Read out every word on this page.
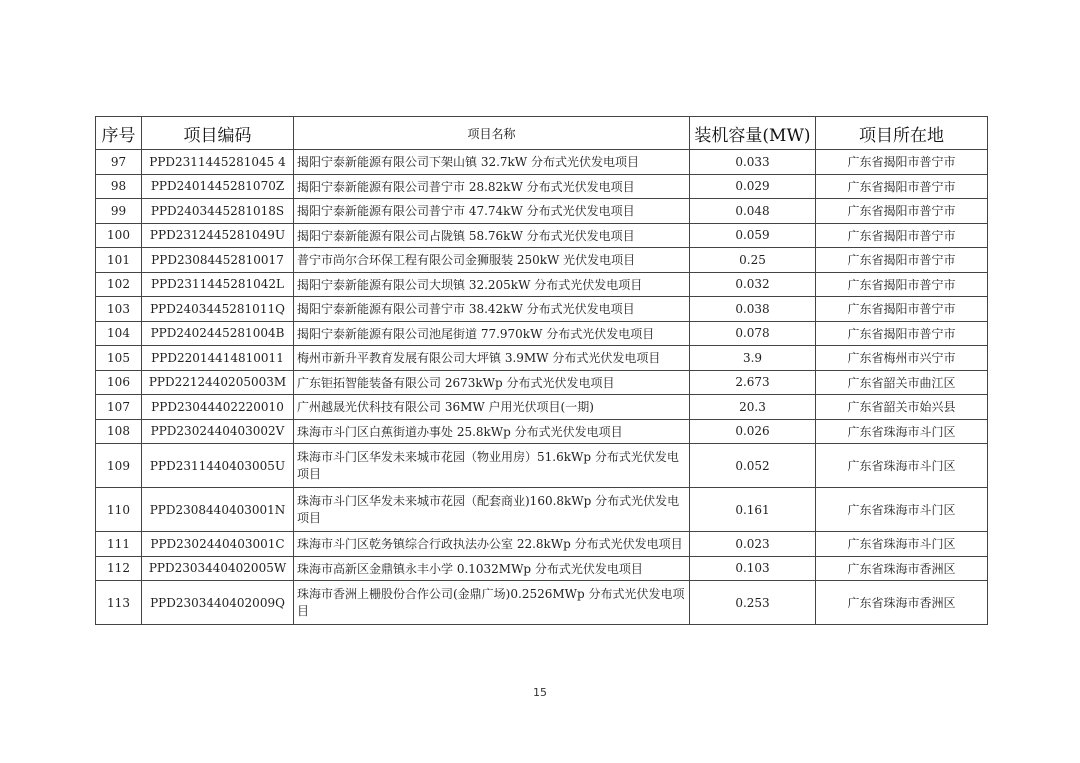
序号	项目编码	项目名称	装机容量(MW)	项目所在地
97	PPD2311445281045 4	揭阳宁泰新能源有限公司下架山镇 32.7kW 分布式光伏发电项目	0.033	广东省揭阳市普宁市
98	PPD2401445281070Z	揭阳宁泰新能源有限公司普宁市 28.82kW 分布式光伏发电项目	0.029	广东省揭阳市普宁市
99	PPD2403445281018S	揭阳宁泰新能源有限公司普宁市 47.74kW 分布式光伏发电项目	0.048	广东省揭阳市普宁市
100	PPD2312445281049U	揭阳宁泰新能源有限公司占陇镇 58.76kW 分布式光伏发电项目	0.059	广东省揭阳市普宁市
101	PPD23084452810017	普宁市尚尔合环保工程有限公司金狮服装 250kW 光伏发电项目	0.25	广东省揭阳市普宁市
102	PPD2311445281042L	揭阳宁泰新能源有限公司大坝镇 32.205kW 分布式光伏发电项目	0.032	广东省揭阳市普宁市
103	PPD2403445281011Q	揭阳宁泰新能源有限公司普宁市 38.42kW 分布式光伏发电项目	0.038	广东省揭阳市普宁市
104	PPD2402445281004B	揭阳宁泰新能源有限公司池尾街道 77.970kW 分布式光伏发电项目	0.078	广东省揭阳市普宁市
105	PPD22014414810011	梅州市新升平教育发展有限公司大坪镇 3.9MW 分布式光伏发电项目	3.9	广东省梅州市兴宁市
106	PPD2212440205003M	广东钜拓智能装备有限公司 2673kWp 分布式光伏发电项目	2.673	广东省韶关市曲江区
107	PPD23044402220010	广州越晟光伏科技有限公司 36MW 户用光伏项目(一期)	20.3	广东省韶关市始兴县
108	PPD2302440403002V	珠海市斗门区白蕉街道办事处 25.8kWp 分布式光伏发电项目	0.026	广东省珠海市斗门区
109	PPD2311440403005U	珠海市斗门区华发未来城市花园（物业用房）51.6kWp 分布式光伏发电项目	0.052	广东省珠海市斗门区
110	PPD2308440403001N	珠海市斗门区华发未来城市花园（配套商业)160.8kWp 分布式光伏发电项目	0.161	广东省珠海市斗门区
111	PPD2302440403001C	珠海市斗门区乾务镇综合行政执法办公室 22.8kWp 分布式光伏发电项目	0.023	广东省珠海市斗门区
112	PPD2303440402005W	珠海市高新区金鼎镇永丰小学 0.1032MWp 分布式光伏发电项目	0.103	广东省珠海市香洲区
113	PPD2303440402009Q	珠海市香洲上栅股份合作公司(金鼎广场)0.2526MWp 分布式光伏发电项目	0.253	广东省珠海市香洲区
15
